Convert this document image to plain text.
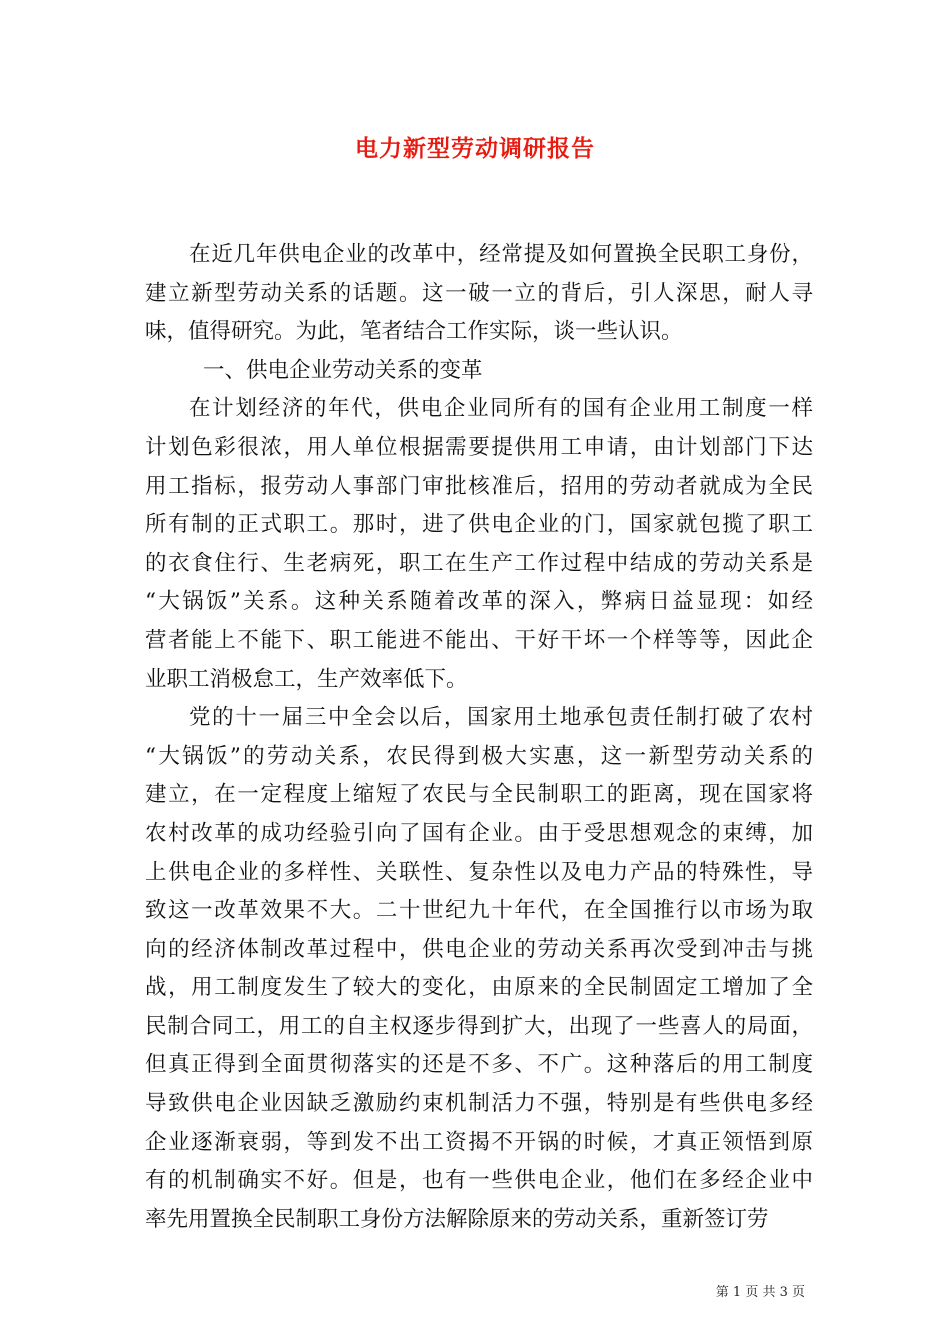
电力新型劳动调研报告
在近几年供电企业的改革中，经常提及如何置换全民职工身份，
建立新型劳动关系的话题。这一破一立的背后，引人深思，耐人寻
味，值得研究。为此，笔者结合工作实际，谈一些认识。
一、供电企业劳动关系的变革
在计划经济的年代，供电企业同所有的国有企业用工制度一样
计划色彩很浓，用人单位根据需要提供用工申请，由计划部门下达
用工指标，报劳动人事部门审批核准后，招用的劳动者就成为全民
所有制的正式职工。那时，进了供电企业的门，国家就包揽了职工
的衣食住行、生老病死，职工在生产工作过程中结成的劳动关系是
“大锅饭”关系。这种关系随着改革的深入，弊病日益显现：如经
营者能上不能下、职工能进不能出、干好干坏一个样等等，因此企
业职工消极怠工，生产效率低下。
党的十一届三中全会以后，国家用土地承包责任制打破了农村
“大锅饭”的劳动关系，农民得到极大实惠，这一新型劳动关系的
建立，在一定程度上缩短了农民与全民制职工的距离，现在国家将
农村改革的成功经验引向了国有企业。由于受思想观念的束缚，加
上供电企业的多样性、关联性、复杂性以及电力产品的特殊性，导
致这一改革效果不大。二十世纪九十年代，在全国推行以市场为取
向的经济体制改革过程中，供电企业的劳动关系再次受到冲击与挑
战，用工制度发生了较大的变化，由原来的全民制固定工增加了全
民制合同工，用工的自主权逐步得到扩大，出现了一些喜人的局面，
但真正得到全面贯彻落实的还是不多、不广。这种落后的用工制度
导致供电企业因缺乏激励约束机制活力不强，特别是有些供电多经
企业逐渐衰弱，等到发不出工资揭不开锅的时候，才真正领悟到原
有的机制确实不好。但是，也有一些供电企业，他们在多经企业中
率先用置换全民制职工身份方法解除原来的劳动关系，重新签订劳
第 1 页 共 3 页
